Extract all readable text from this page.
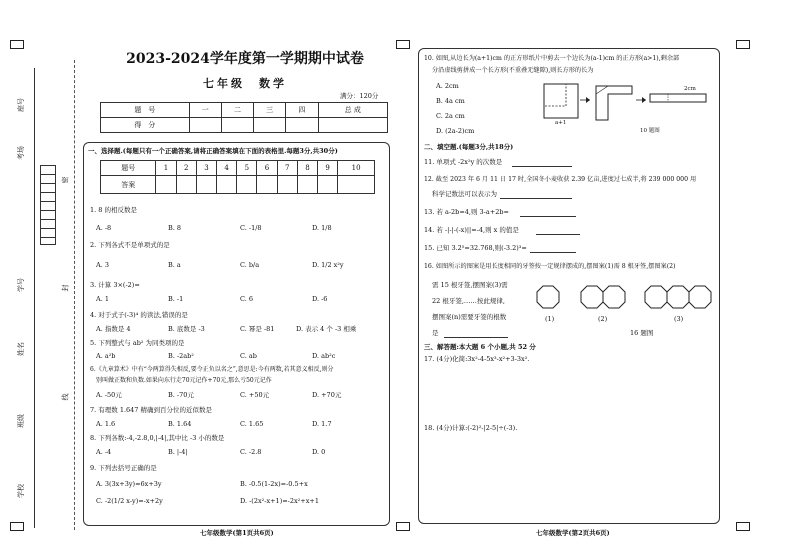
座号
考场
学号
姓名
班级
学校
密
封
线
2023-2024学年度第一学期期中试卷
七年级　数学
满分：120分
题　号	一	二	三	四	总 成
得　分					
一、选择题.(每题只有一个正确答案,请将正确答案填在下面的表格里.每题3分,共30分)
题号	1	2	3	4	5	6	7	8	9	10
答案										
1. 8 的相反数是
A. -8	B. 8	C. -1/8	D. 1/8
2. 下列各式不是单项式的是
A. 3	B. a	C. b/a	D. 1/2 x²y
3. 计算 3×(-2)=
A. 1	B. -1	C. 6	D. -6
4. 对于式子(-3)⁴ 的读法,错误的是
A. 指数是 4	B. 底数是 -3	C. 幂是 -81	D. 表示 4 个 -3 相乘
5. 下列整式与 ab² 为同类项的是
A. a²b	B. -2ab²	C. ab	D. ab²c
6.《九章算术》中有“今两算得失相反,要令正负以名之”,意思是:今有两数,若其意义相反,则分
别叫做正数和负数.如果向东行走70元记作+70元,那么亏50元记作
A. -50元	B. -70元	C. +50元	D. +70元
7. 有理数 1.647 精确到百分位的近似数是
A. 1.6	B. 1.64	C. 1.65	D. 1.7
8. 下列各数:-4,-2.8,0,|-4|,其中比 -3 小的数是
A. -4	B. |-4|	C. -2.8	D. 0
9. 下列去括号正确的是
A. 3(3x+3y)=6x+3y	B. -0.5(1-2x)=-0.5+x
C. -2(1/2 x-y)=-x+2y	D. -(2x²-x+1)=-2x²+x+1
七年级数学(第1页共6页)
10. 如图,从边长为(a+1)cm 的正方形纸片中剪去一个边长为(a-1)cm 的正方形(a>1),剩余部
分沿虚线剪拼成一个长方形(不重叠无缝隙),则长方形的长为
A. 2cm
B. 4a cm
C. 2a cm
D. (2a-2)cm
a+1
2cm
10 题图
二、填空题.(每题3分,共18分)
11. 单项式 -2x²y 的次数是
12. 截至 2023 年 6 月 11 日 17 时,全国冬小麦收获 2.39 亿亩,进度过七成半,将 239 000 000 用
科学记数法可以表示为
13. 若 a-2b=4,则 3-a+2b=
14. 若 -|-|-(-x)||=-4,则 x 的值是
15. 已知 3.2⁵=32.768,则(-3.2)³=
16. 如图所示的图案是用长度相同的牙签按一定规律摆成的,摆图案(1)需 8 根牙签,摆图案(2)
需 15 根牙签,摆图案(3)需
22 根牙签,……按此规律,
摆图案(n)需要牙签的根数
是
(1)	(2)	(3)
16 题图
三、解答题:本大题 6 个小题,共 52 分
17. (4分)化简:3x²-4-5x³-x²+3-3x².
18. (4分)计算:(-2)²-|2-5|÷(-3).
七年级数学(第2页共6页)
